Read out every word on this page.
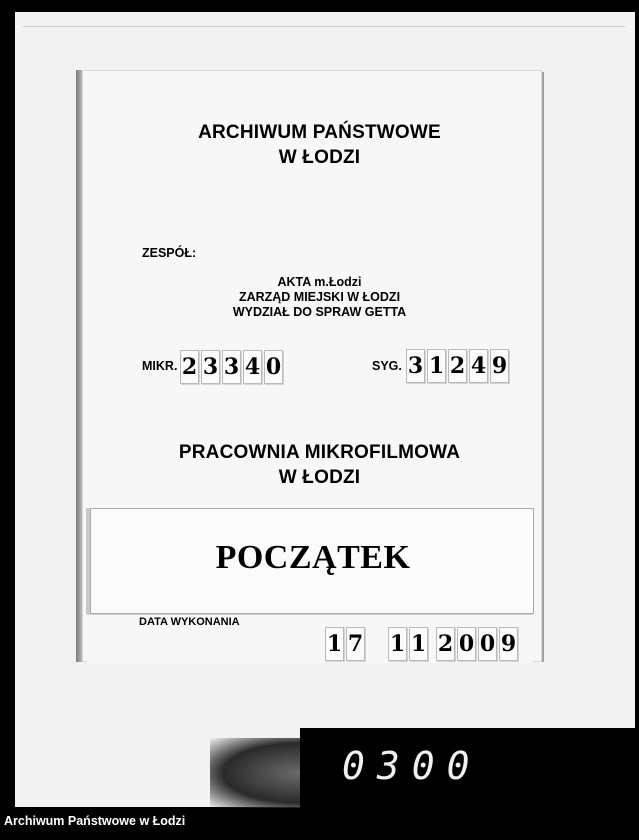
ARCHIWUM PAŃSTWOWE
W ŁODZI
ZESPÓŁ:
AKTA m.Łodzi
ZARZĄD MIEJSKI W ŁODZI
WYDZIAŁ DO SPRAW GETTA
MIKR. 2 3 3 4 0	SYG. 3 1 2 4 9
PRACOWNIA MIKROFILMOWA
W ŁODZI
POCZĄTEK
DATA WYKONANIA
1 7 1 1 2 0 0 9
0300
Archiwum Państwowe w Łodzi
